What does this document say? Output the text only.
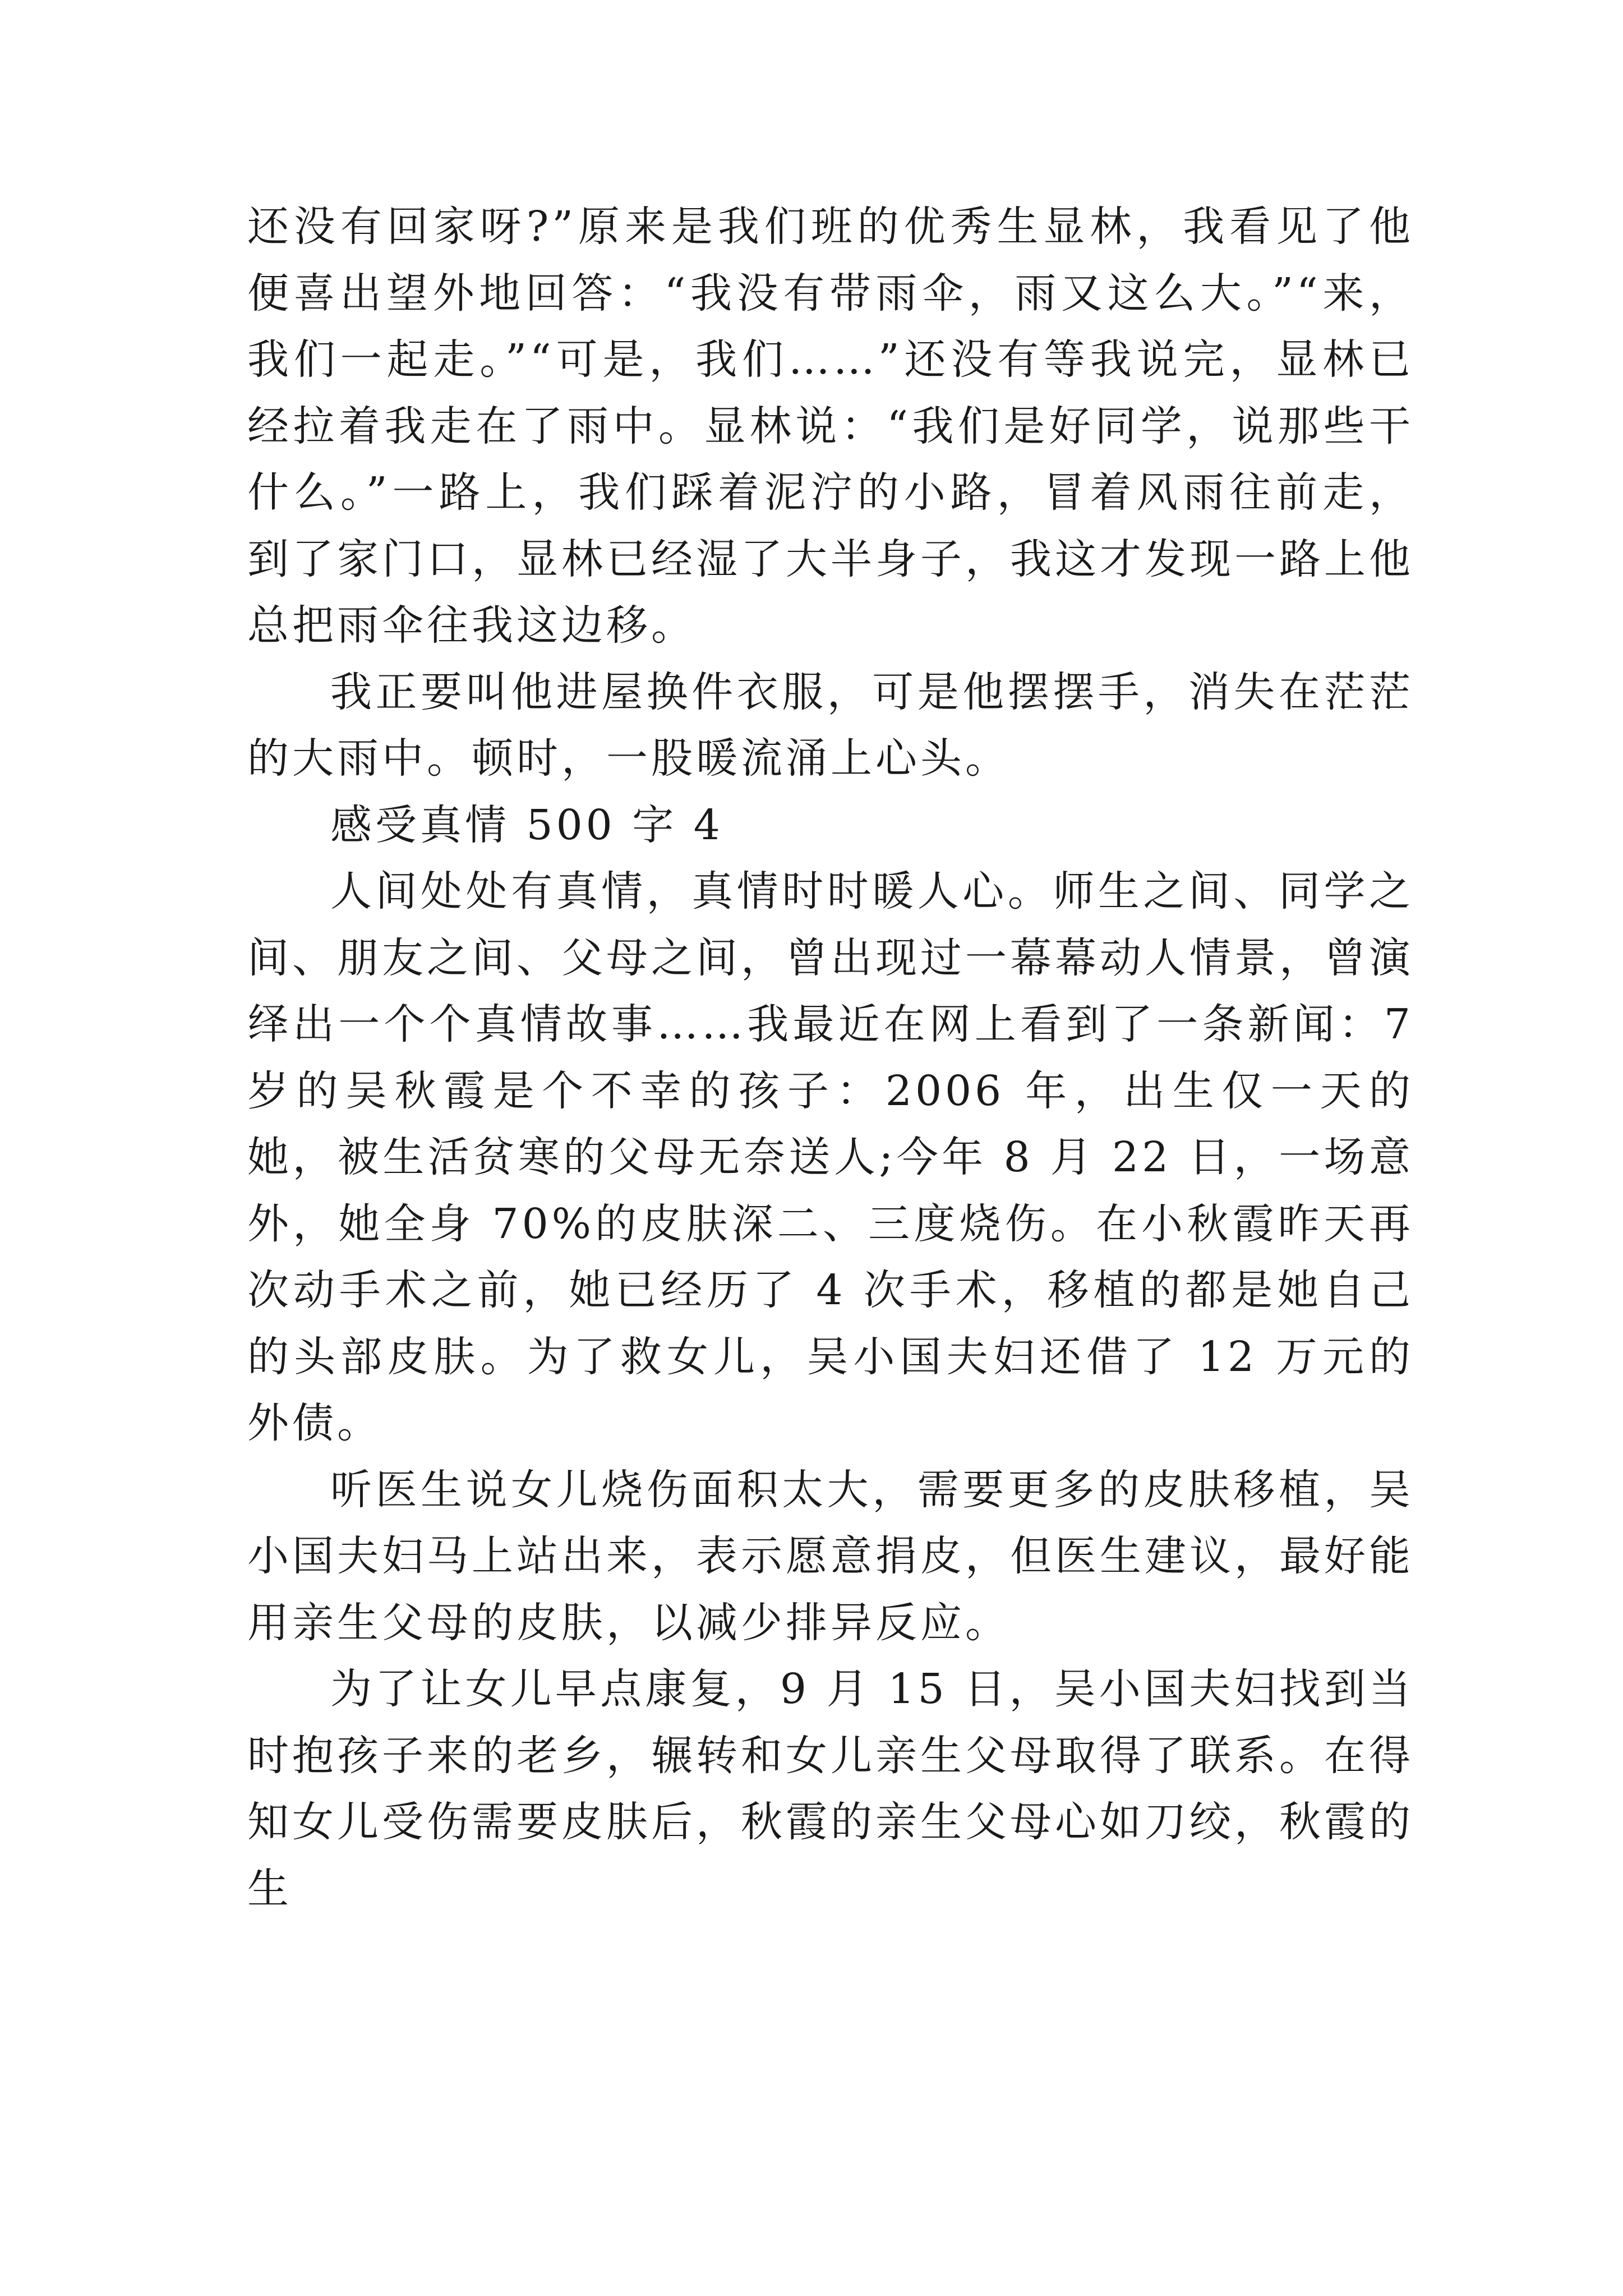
还没有回家呀?”原来是我们班的优秀生显林，我看见了他便喜出望外地回答：“我没有带雨伞，雨又这么大。”“来，我们一起走。”“可是，我们……”还没有等我说完，显林已经拉着我走在了雨中。显林说：“我们是好同学，说那些干什么。”一路上，我们踩着泥泞的小路，冒着风雨往前走，到了家门口，显林已经湿了大半身子，我这才发现一路上他总把雨伞往我这边移。

我正要叫他进屋换件衣服，可是他摆摆手，消失在茫茫的大雨中。顿时，一股暖流涌上心头。

感受真情 500 字 4

人间处处有真情，真情时时暖人心。师生之间、同学之间、朋友之间、父母之间，曾出现过一幕幕动人情景，曾演绎出一个个真情故事……我最近在网上看到了一条新闻：7 岁的吴秋霞是个不幸的孩子：2006 年，出生仅一天的她，被生活贫寒的父母无奈送人;今年 8 月 22 日，一场意外，她全身 70%的皮肤深二、三度烧伤。在小秋霞昨天再次动手术之前，她已经历了 4 次手术，移植的都是她自己的头部皮肤。为了救女儿，吴小国夫妇还借了 12 万元的外债。

听医生说女儿烧伤面积太大，需要更多的皮肤移植，吴小国夫妇马上站出来，表示愿意捐皮，但医生建议，最好能用亲生父母的皮肤，以减少排异反应。

为了让女儿早点康复，9 月 15 日，吴小国夫妇找到当时抱孩子来的老乡，辗转和女儿亲生父母取得了联系。在得知女儿受伤需要皮肤后，秋霞的亲生父母心如刀绞，秋霞的生
